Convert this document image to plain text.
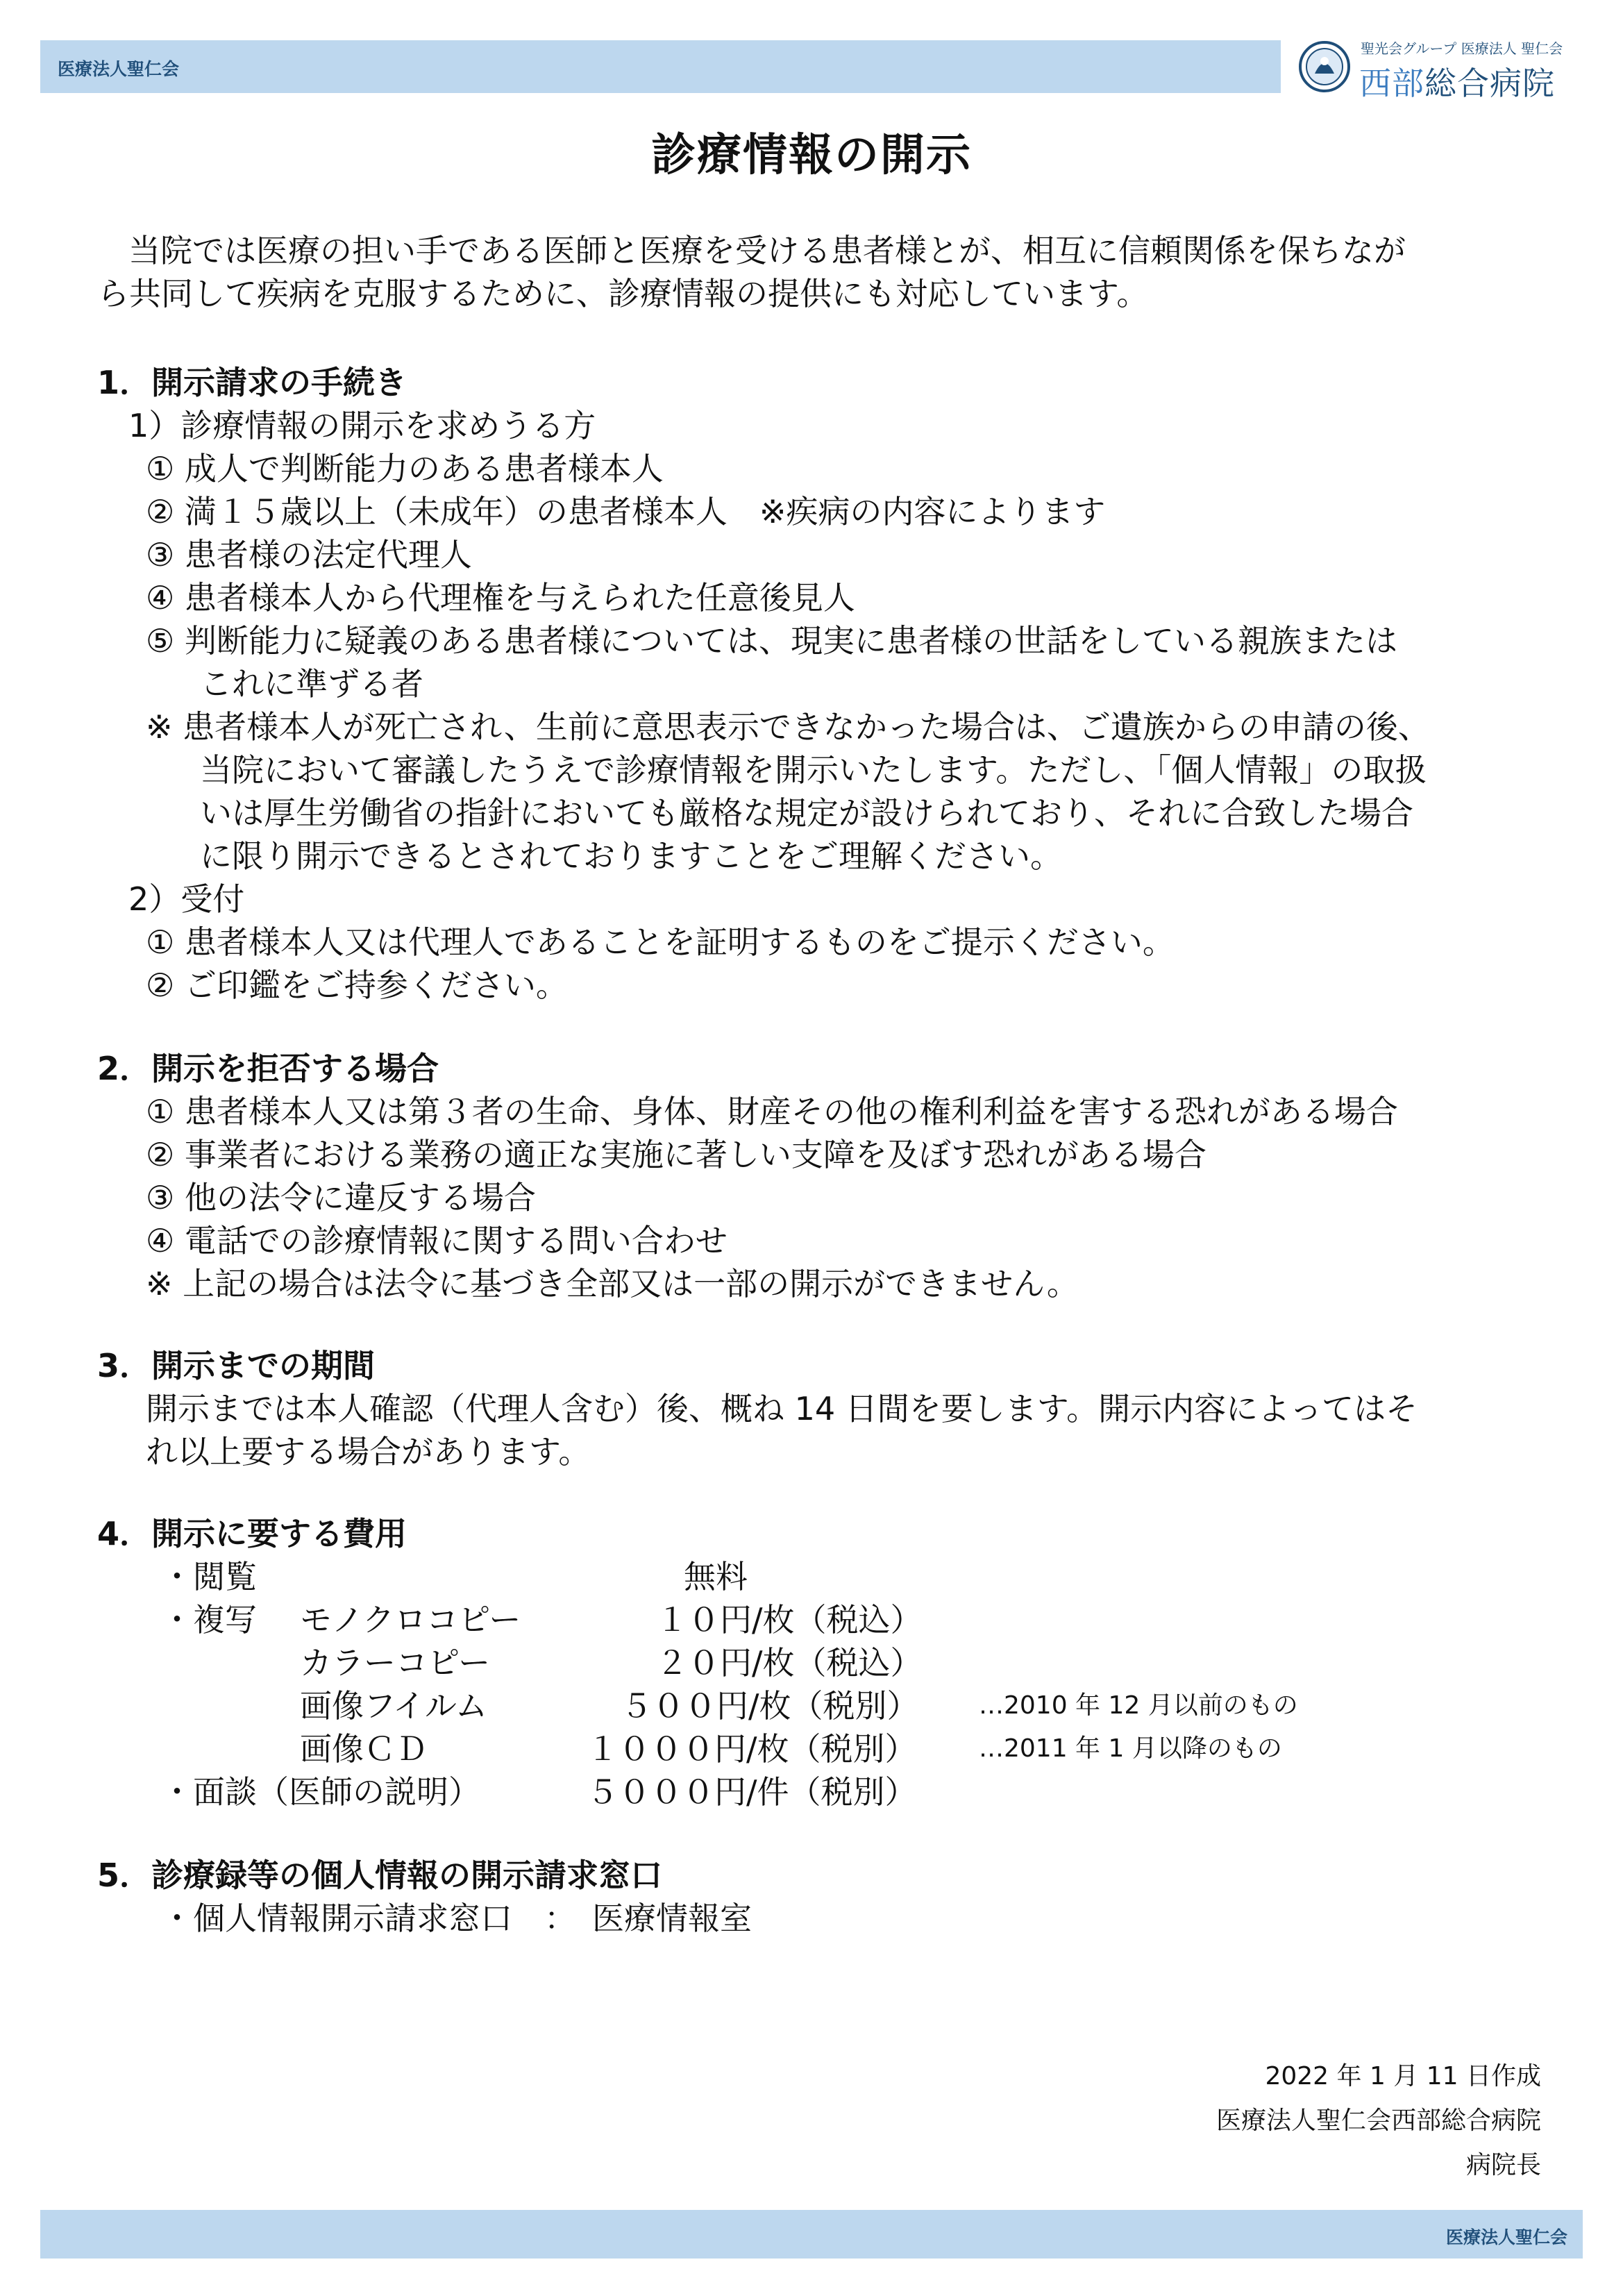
医療法人聖仁会
聖光会グループ 医療法人 聖仁会
西部総合病院
診療情報の開示
当院では医療の担い手である医師と医療を受ける患者様とが、相互に信頼関係を保ちなが
ら共同して疾病を克服するために、診療情報の提供にも対応しています。
1．開示請求の手続き
1）診療情報の開示を求めうる方
① 成人で判断能力のある患者様本人
② 満１５歳以上（未成年）の患者様本人　※疾病の内容によります
③ 患者様の法定代理人
④ 患者様本人から代理権を与えられた任意後見人
⑤ 判断能力に疑義のある患者様については、現実に患者様の世話をしている親族または
これに準ずる者
※ 患者様本人が死亡され、生前に意思表示できなかった場合は、ご遺族からの申請の後、
当院において審議したうえで診療情報を開示いたします。ただし、「個人情報」の取扱
いは厚生労働省の指針においても厳格な規定が設けられており、それに合致した場合
に限り開示できるとされておりますことをご理解ください。
2）受付
① 患者様本人又は代理人であることを証明するものをご提示ください。
② ご印鑑をご持参ください。
2．開示を拒否する場合
① 患者様本人又は第３者の生命、身体、財産その他の権利利益を害する恐れがある場合
② 事業者における業務の適正な実施に著しい支障を及ぼす恐れがある場合
③ 他の法令に違反する場合
④ 電話での診療情報に関する問い合わせ
※ 上記の場合は法令に基づき全部又は一部の開示ができません。
3．開示までの期間
開示までは本人確認（代理人含む）後、概ね 14 日間を要します。開示内容によってはそ
れ以上要する場合があります。
4．開示に要する費用
・閲覧	無料
・複写 モノクロコピー	１０円/枚（税込）
カラーコピー	２０円/枚（税込）
画像フイルム	５００円/枚（税別） …2010 年 12 月以前のもの
画像ＣＤ	１０００円/枚（税別） …2011 年 1 月以降のもの
・面談（医師の説明）	５０００円/件（税別）
5．診療録等の個人情報の開示請求窓口
・個人情報開示請求窓口　：　医療情報室
2022 年 1 月 11 日作成
医療法人聖仁会西部総合病院
病院長
医療法人聖仁会
